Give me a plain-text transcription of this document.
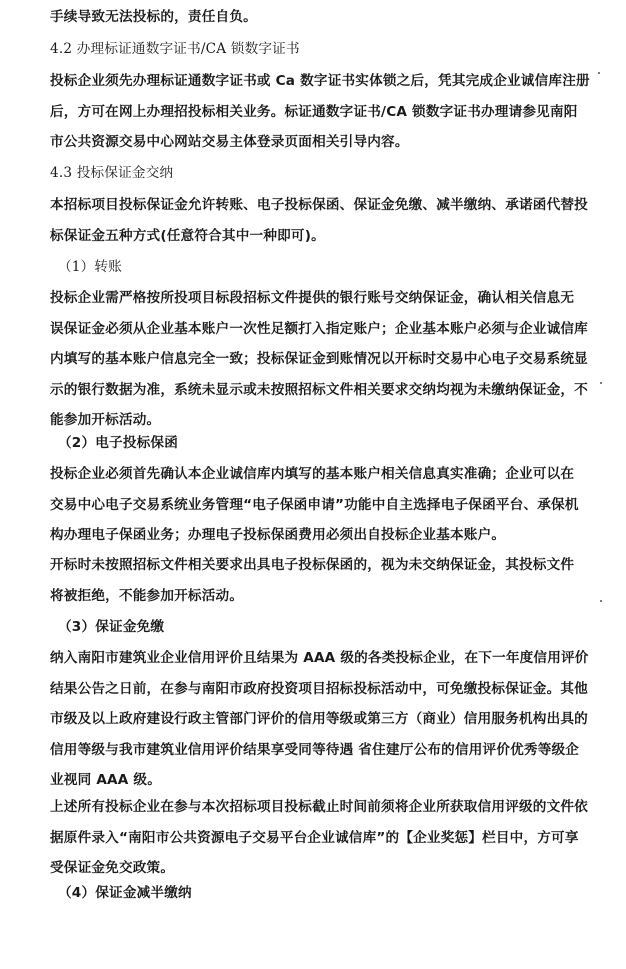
手续导致无法投标的，责任自负。
4.2 办理标证通数字证书/CA 锁数字证书
投标企业须先办理标证通数字证书或 Ca 数字证书实体锁之后，凭其完成企业诚信库注册后，方可在网上办理招投标相关业务。标证通数字证书/CA 锁数字证书办理请参见南阳市公共资源交易中心网站交易主体登录页面相关引导内容。
4.3 投标保证金交纳
本招标项目投标保证金允许转账、电子投标保函、保证金免缴、减半缴纳、承诺函代替投标保证金五种方式(任意符合其中一种即可)。
（1）转账
投标企业需严格按所投项目标段招标文件提供的银行账号交纳保证金，确认相关信息无 误保证金必须从企业基本账户一次性足额打入指定账户；企业基本账户必须与企业诚信库 内填写的基本账户信息完全一致；投标保证金到账情况以开标时交易中心电子交易系统显示的银行数据为准，系统未显示或未按照招标文件相关要求交纳均视为未缴纳保证金，不能参加开标活动。
（2）电子投标保函
投标企业必须首先确认本企业诚信库内填写的基本账户相关信息真实准确；企业可以在 交易中心电子交易系统业务管理“电子保函申请”功能中自主选择电子保函平台、承保机构办理电子保函业务；办理电子投标保函费用必须出自投标企业基本账户。
开标时未按照招标文件相关要求出具电子投标保函的，视为未交纳保证金，其投标文件 将被拒绝，不能参加开标活动。
（3）保证金免缴
纳入南阳市建筑业企业信用评价且结果为 AAA 级的各类投标企业，在下一年度信用评价 结果公告之日前，在参与南阳市政府投资项目招标投标活动中，可免缴投标保证金。其他市级及以上政府建设行政主管部门评价的信用等级或第三方（商业）信用服务机构出具的信用等级与我市建筑业信用评价结果享受同等待遇 省住建厅公布的信用评价优秀等级企业视同 AAA 级。
上述所有投标企业在参与本次招标项目投标截止时间前须将企业所获取信用评级的文件依据原件录入“南阳市公共资源电子交易平台企业诚信库”的【企业奖惩】栏目中，方可享受保证金免交政策。
（4）保证金减半缴纳
